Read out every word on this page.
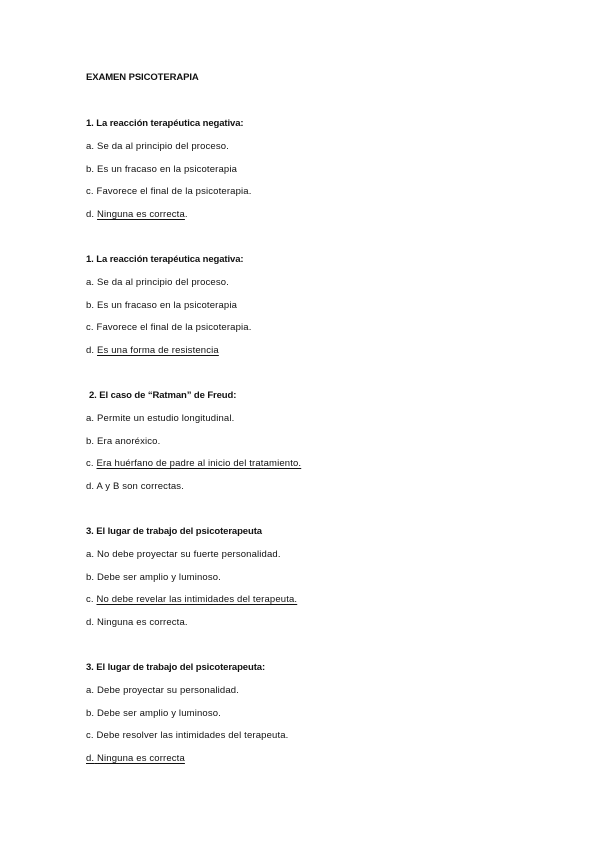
EXAMEN PSICOTERAPIA
1. La reacción terapéutica negativa:
a. Se da al principio del proceso.
b. Es un fracaso en la psicoterapia
c. Favorece el final de la psicoterapia.
d. Ninguna es correcta.
1. La reacción terapéutica negativa:
a. Se da al principio del proceso.
b. Es un fracaso en la psicoterapia
c. Favorece el final de la psicoterapia.
d. Es una forma de resistencia
2. El caso de “Ratman” de Freud:
a. Permite un estudio longitudinal.
b. Era anoréxico.
c. Era huérfano de padre al inicio del tratamiento.
d. A y B son correctas.
3. El lugar de trabajo del psicoterapeuta
a. No debe proyectar su fuerte personalidad.
b. Debe ser amplio y luminoso.
c. No debe revelar las intimidades del terapeuta.
d. Ninguna es correcta.
3. El lugar de trabajo del psicoterapeuta:
a. Debe proyectar su personalidad.
b. Debe ser amplio y luminoso.
c. Debe resolver las intimidades del terapeuta.
d. Ninguna es correcta
